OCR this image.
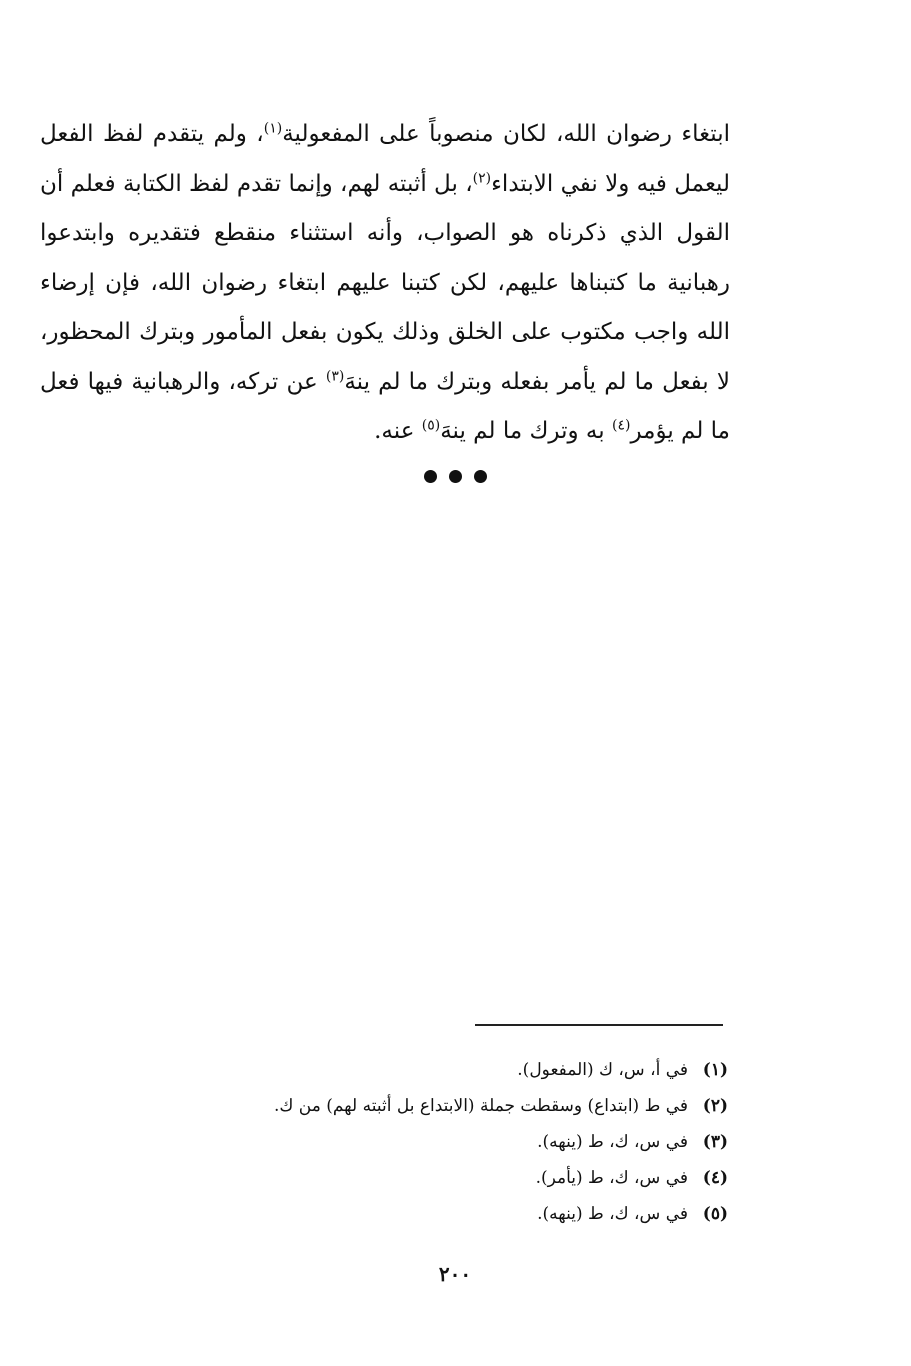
ابتغاء رضوان الله، لكان منصوباً على المفعولية$^{(١)}$، ولم يتقدم لفظ الفعل ليعمل فيه ولا نفي الابتداء$^{(٢)}$، بل أثبته لهم، وإنما تقدم لفظ الكتابة فعلم أن القول الذي ذكرناه هو الصواب، وأنه استثناء منقطع فتقديره وابتدعوا رهبانية ما كتبناها عليهم، لكن كتبنا عليهم ابتغاء رضوان الله، فإن إرضاء الله واجب مكتوب على الخلق وذلك يكون بفعل المأمور وبترك المحظور، لا بفعل ما لم يأمر بفعله وبترك ما لم ينهَ$^{(٣)}$ عن تركه، والرهبانية فيها فعل ما لم يؤمر$^{(٤)}$ به وترك ما لم ينهَ$^{(٥)}$ عنه.

(١)في أ، س، ك (المفعول).
(٢)في ط (ابتداع) وسقطت جملة (الابتداع بل أثبته لهم) من ك.
(٣)في س، ك، ط (ينهه).
(٤)في س، ك، ط (يأمر).
(٥)في س، ك، ط (ينهه).
٢٠٠
